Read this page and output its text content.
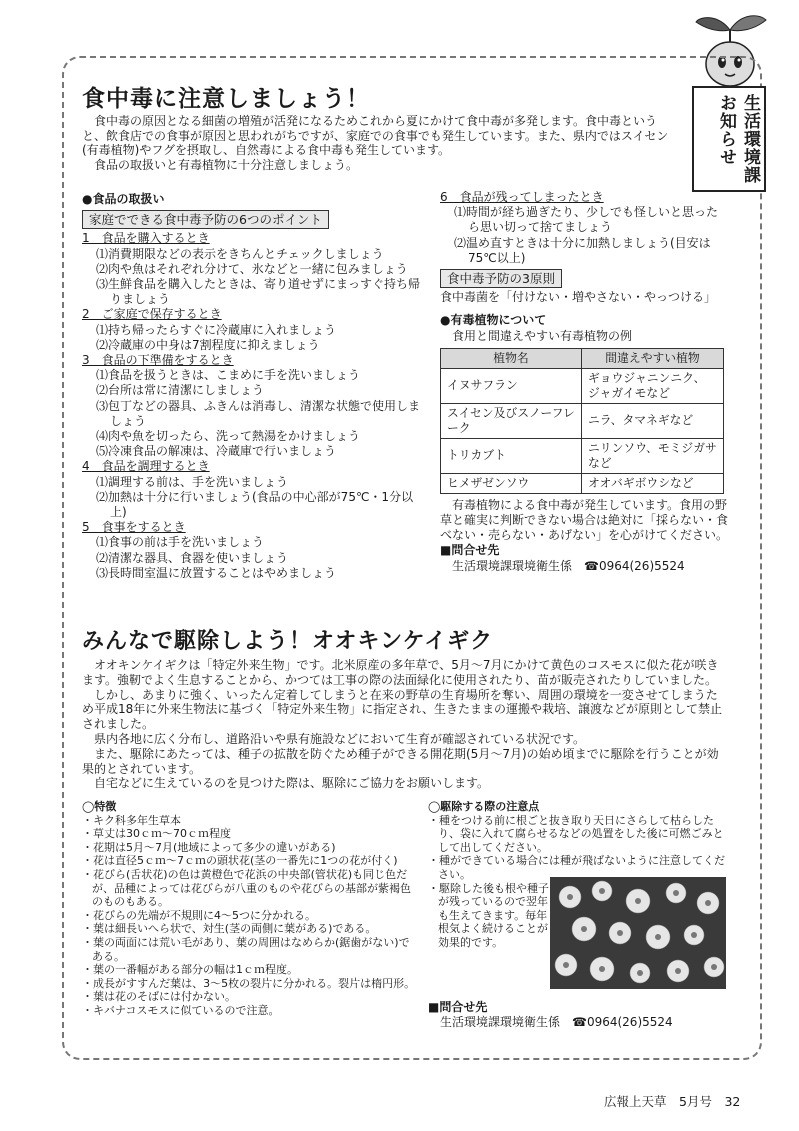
生活環境課
お知らせ
食中毒に注意しましょう！

食中毒の原因となる細菌の増殖が活発になるためこれから夏にかけて食中毒が多発します。食中毒というと、飲食店での食事が原因と思われがちですが、家庭での食事でも発生しています。また、県内ではスイセン(有毒植物)やフグを摂取し、自然毒による食中毒も発生しています。

食品の取扱いと有毒植物に十分注意しましょう。

●食品の取扱い

家庭でできる食中毒予防の6つのポイント

1　食品を購入するとき

⑴消費期限などの表示をきちんとチェックしましょう

⑵肉や魚はそれぞれ分けて、氷などと一緒に包みましょう

⑶生鮮食品を購入したときは、寄り道せずにまっすぐ持ち帰りましょう

2　ご家庭で保存するとき

⑴持ち帰ったらすぐに冷蔵庫に入れましょう

⑵冷蔵庫の中身は7割程度に抑えましょう

3　食品の下準備をするとき

⑴食品を扱うときは、こまめに手を洗いましょう

⑵台所は常に清潔にしましょう

⑶包丁などの器具、ふきんは消毒し、清潔な状態で使用しましょう

⑷肉や魚を切ったら、洗って熱湯をかけましょう

⑸冷凍食品の解凍は、冷蔵庫で行いましょう

4　食品を調理するとき

⑴調理する前は、手を洗いましょう

⑵加熱は十分に行いましょう(食品の中心部が75℃・1分以上)

5　食事をするとき

⑴食事の前は手を洗いましょう

⑵清潔な器具、食器を使いましょう

⑶長時間室温に放置することはやめましょう

6　食品が残ってしまったとき

⑴時間が経ち過ぎたり、少しでも怪しいと思ったら思い切って捨てましょう

⑵温め直すときは十分に加熱しましょう(目安は75℃以上)

食中毒予防の3原則

食中毒菌を「付けない・増やさない・やっつける」

●有毒植物について

食用と間違えやすい有毒植物の例

植物名	間違えやすい植物
イヌサフラン	ギョウジャニンニク、ジャガイモなど
スイセン及びスノーフレーク	ニラ、タマネギなど
トリカブト	ニリンソウ、モミジガサなど
ヒメザゼンソウ	オオバギボウシなど

有毒植物による食中毒が発生しています。食用の野草と確実に判断できない場合は絶対に「採らない・食べない・売らない・あげない」を心がけてください。

■問合せ先

生活環境課環境衛生係　☎0964(26)5524

みんなで駆除しよう！オオキンケイギク

オオキンケイギクは「特定外来生物」です。北米原産の多年草で、5月～7月にかけて黄色のコスモスに似た花が咲きます。強靭でよく生息することから、かつては工事の際の法面緑化に使用されたり、苗が販売されたりしていました。

しかし、あまりに強く、いったん定着してしまうと在来の野草の生育場所を奪い、周囲の環境を一変させてしまうため平成18年に外来生物法に基づく「特定外来生物」に指定され、生きたままの運搬や栽培、譲渡などが原則として禁止されました。

県内各地に広く分布し、道路沿いや県有施設などにおいて生育が確認されている状況です。

また、駆除にあたっては、種子の拡散を防ぐため種子ができる開花期(5月～7月)の始め頃までに駆除を行うことが効果的とされています。

自宅などに生えているのを見つけた際は、駆除にご協力をお願いします。

◯特徴

・キク科多年生草本

・草丈は30ｃｍ～70ｃｍ程度

・花期は5月～7月(地域によって多少の違いがある)

・花は直径5ｃｍ～7ｃｍの頭状花(茎の一番先に1つの花が付く)

・花びら(舌状花)の色は黄橙色で花浜の中央部(管状花)も同じ色だが、品種によっては花びらが八重のものや花びらの基部が紫褐色のものもある。

・花びらの先端が不規則に4～5つに分かれる。

・葉は細長いへら状で、対生(茎の両側に葉がある)である。

・葉の両面には荒い毛があり、葉の周囲はなめらか(鋸歯がない)である。

・葉の一番幅がある部分の幅は1ｃｍ程度。

・成長がすすんだ葉は、3～5枚の裂片に分かれる。裂片は楕円形。

・葉は花のそばには付かない。

・キバナコスモスに似ているので注意。

◯駆除する際の注意点

・種をつける前に根ごと抜き取り天日にさらして枯らしたり、袋に入れて腐らせるなどの処置をした後に可燃ごみとして出してください。

・種ができている場合には種が飛ばないように注意してください。

・駆除した後も根や種子が残っているので翌年も生えてきます。毎年根気よく続けることが効果的です。

■問合せ先

生活環境課環境衛生係　☎0964(26)5524

広報上天草　5月号　32
